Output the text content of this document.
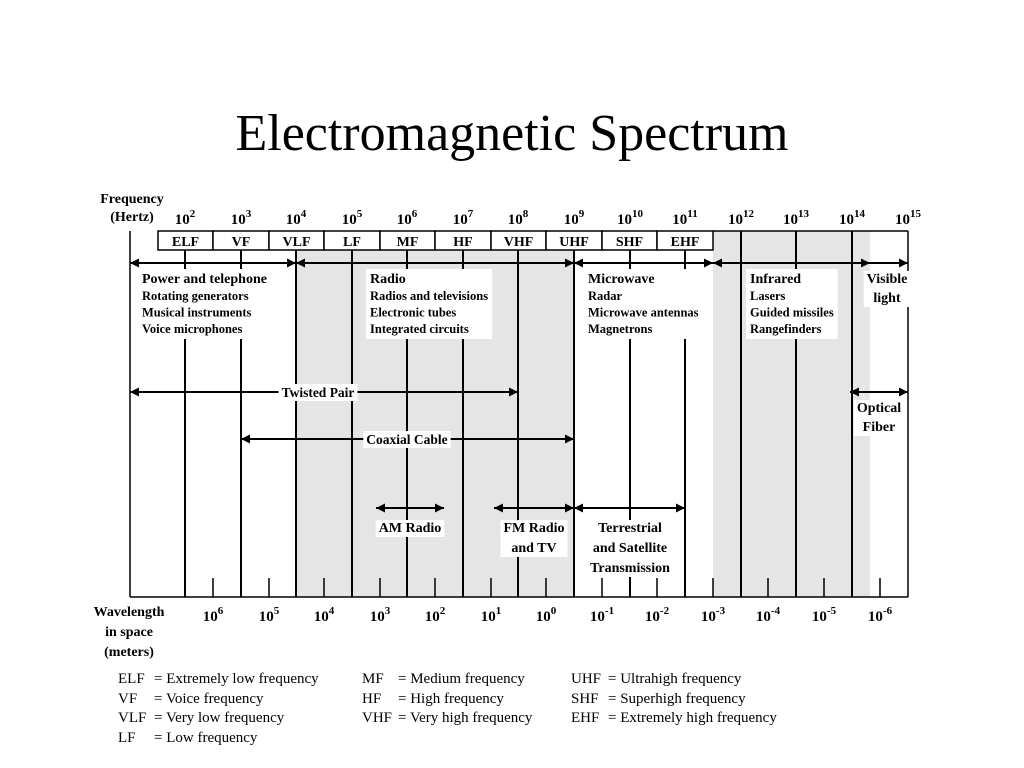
Electromagnetic Spectrum
ELF VF VLF LF	MF HF VHF UHF SHF EHF
Frequency
(Hertz) $10^2$ $10^3$ $10^4$ $10^5$ $10^6$ $10^7$ $10^8$ $10^9$ $10^{10}$ $10^{11}$ $10^{12}$ $10^{13}$ $10^{14}$ $10^{15}$
Power and telephone
Rotating generators
Musical instruments
Voice microphones
Radio
Radios and televisions
Electronic tubes
Integrated circuits
Microwave
Radar
Microwave antennas
Magnetrons
Infrared
Lasers
Guided missiles
Rangefinders
Visible
light
Twisted Pair
Coaxial Cable
Optical
Fiber
AM Radio	FM Radio
and TV
Terrestrial
and Satellite
Transmission
Wavelength
in space
(meters)
$10^6$ $10^5$ $10^4$ $10^3$ $10^2$ $10^1$ $10^0$ $10^{-1}$ $10^{-2}$ $10^{-3}$ $10^{-4}$ $10^{-5}$ $10^{-6}$
ELF = Extremely low frequency
VF = Voice frequency
VLF = Very low frequency
LF = Low frequency
MF = Medium frequency
HF = High frequency
VHF = Very high frequency
UHF = Ultrahigh frequency
SHF = Superhigh frequency
EHF = Extremely high frequency
